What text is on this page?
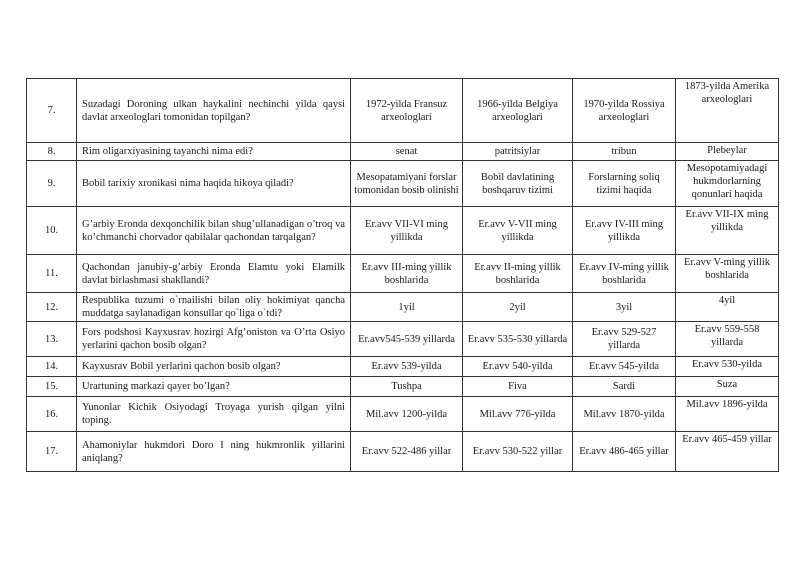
7.	Suzadagi Doroning ulkan haykalini nechinchi yilda qaysi davlat arxeologlari tomonidan topilgan?	1972-yilda Fransuz arxeologlari	1966-yilda Belgiya arxeologlari	1970-yilda Rossiya arxeologlari	1873-yilda Amerika arxeologlari
8.	Rim oligarxiyasining tayanchi nima edi?	senat	patritsiylar	tribun	Plebeylar
9.	Bobil tarixiy xronikasi nima haqida hikoya qiladi?	Mesopatamiyani forslar tomonidan bosib olinishi	Bobil davlatining boshqaruv tizimi	Forslarning soliq tizimi haqida	Mesopotamiyadagi hukmdorlarning qonunlari haqida
10.	G’arbiy Eronda dexqonchilik bilan shug’ullanadigan o’troq va ko’chmanchi chorvador qabilalar qachondan tarqalgan?	Er.avv VII-VI ming yillikda	Er.avv V-VII ming yillikda	Er.avv IV-III ming yillikda	Er.avv VII-IX ming yillikda
11.	Qachondan janubiy-g’arbiy Eronda Elamtu yoki Elamilk davlat birlashmasi shakllandi?	Er.avv III-ming yillik boshlarida	Er.avv II-ming yillik boshlarida	Er.avv IV-ming yillik boshlarida	Er.avv V-ming yillik boshlarida
12.	Respublika tuzumi o`rnailishi bilan oliy hokimiyat qancha muddatga saylanadigan konsullar qo`liga o`tdi?	1yil	2yil	3yil	4yil
13.	Fors podshosi Kayxusrav hozirgi Afg’oniston va O’rta Osiyo yerlarini qachon bosib olgan?	Er.avv545-539 yillarda	Er.avv 535-530 yillarda	Er.avv 529-527 yillarda	Er.avv 559-558 yillarda
14.	Kayxusrav Bobil yerlarini qachon bosib olgan?	Er.avv 539-yilda	Er.avv 540-yilda	Er.avv 545-yilda	Er.avv 530-yilda
15.	Urartuning markazi qayer bo’lgan?	Tushpa	Fiva	Sardi	Suza
16.	Yunonlar Kichik Osiyodagi Troyaga yurish qilgan yilni toping.	Mil.avv 1200-yilda	Mil.avv 776-yilda	Mil.avv 1870-yilda	Mil.avv 1896-yilda
17.	Ahamoniylar hukmdori Doro I ning hukmronlik yillarini aniqlang?	Er.avv 522-486 yillar	Er.avv 530-522 yillar	Er.avv 486-465 yillar	Er.avv 465-459 yillar
